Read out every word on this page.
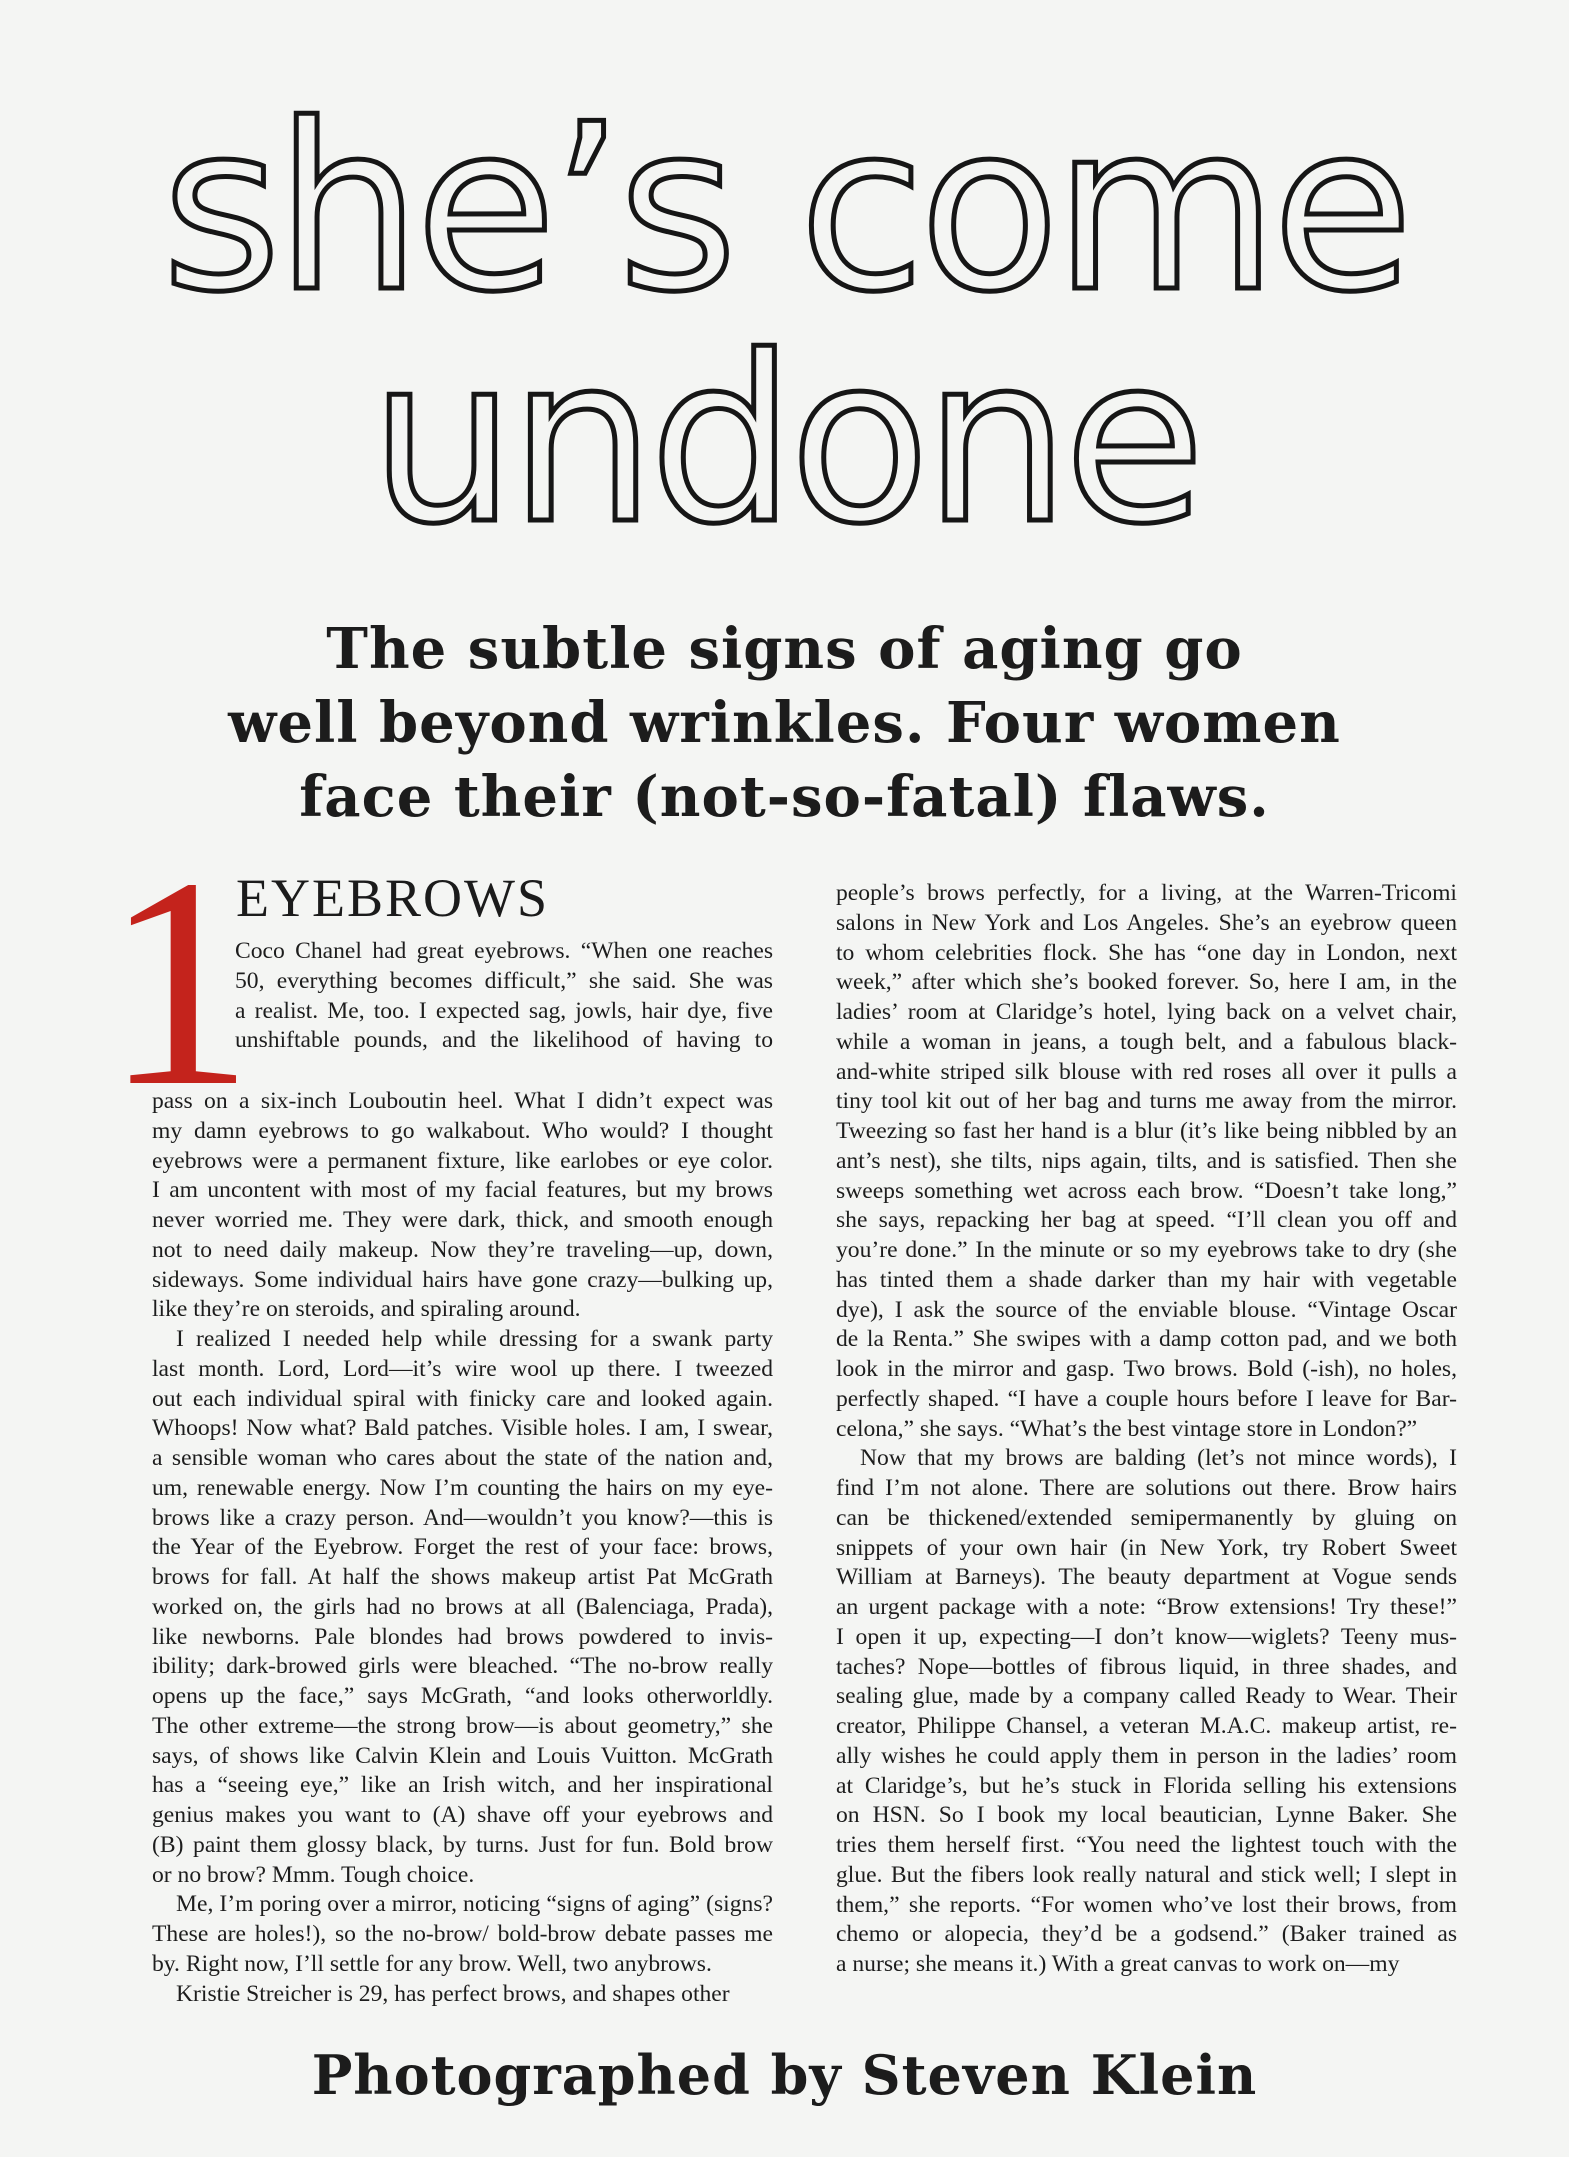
she’s come
undone
The subtle signs of aging go
well beyond wrinkles. Four women
face their (not-so-fatal) flaws.
1
EYEBROWS
Coco Chanel had great eyebrows. “When one reaches
50, everything becomes difficult,” she said. She was
a realist. Me, too. I expected sag, jowls, hair dye, five
unshiftable pounds, and the likelihood of having to
pass on a six-inch Louboutin heel. What I didn’t expect was
my damn eyebrows to go walkabout. Who would? I thought
eyebrows were a permanent fixture, like earlobes or eye color.
I am uncontent with most of my facial features, but my brows
never worried me. They were dark, thick, and smooth enough
not to need daily makeup. Now they’re traveling—up, down,
sideways. Some individual hairs have gone crazy—bulking up,
like they’re on steroids, and spiraling around.
I realized I needed help while dressing for a swank party
last month. Lord, Lord—it’s wire wool up there. I tweezed
out each individual spiral with finicky care and looked again.
Whoops! Now what? Bald patches. Visible holes. I am, I swear,
a sensible woman who cares about the state of the nation and,
um, renewable energy. Now I’m counting the hairs on my eye-
brows like a crazy person. And—wouldn’t you know?—this is
the Year of the Eyebrow. Forget the rest of your face: brows,
brows for fall. At half the shows makeup artist Pat McGrath
worked on, the girls had no brows at all (Balenciaga, Prada),
like newborns. Pale blondes had brows powdered to invis-
ibility; dark-browed girls were bleached. “The no-brow really
opens up the face,” says McGrath, “and looks otherworldly.
The other extreme—the strong brow—is about geometry,” she
says, of shows like Calvin Klein and Louis Vuitton. McGrath
has a “seeing eye,” like an Irish witch, and her inspirational
genius makes you want to (A) shave off your eyebrows and
(B) paint them glossy black, by turns. Just for fun. Bold brow
or no brow? Mmm. Tough choice.
Me, I’m poring over a mirror, noticing “signs of aging” (signs?
These are holes!), so the no-brow/ bold-brow debate passes me
by. Right now, I’ll settle for any brow. Well, two anybrows.
Kristie Streicher is 29, has perfect brows, and shapes other
people’s brows perfectly, for a living, at the Warren-Tricomi
salons in New York and Los Angeles. She’s an eyebrow queen
to whom celebrities flock. She has “one day in London, next
week,” after which she’s booked forever. So, here I am, in the
ladies’ room at Claridge’s hotel, lying back on a velvet chair,
while a woman in jeans, a tough belt, and a fabulous black-
and-white striped silk blouse with red roses all over it pulls a
tiny tool kit out of her bag and turns me away from the mirror.
Tweezing so fast her hand is a blur (it’s like being nibbled by an
ant’s nest), she tilts, nips again, tilts, and is satisfied. Then she
sweeps something wet across each brow. “Doesn’t take long,”
she says, repacking her bag at speed. “I’ll clean you off and
you’re done.” In the minute or so my eyebrows take to dry (she
has tinted them a shade darker than my hair with vegetable
dye), I ask the source of the enviable blouse. “Vintage Oscar
de la Renta.” She swipes with a damp cotton pad, and we both
look in the mirror and gasp. Two brows. Bold (-ish), no holes,
perfectly shaped. “I have a couple hours before I leave for Bar-
celona,” she says. “What’s the best vintage store in London?”
Now that my brows are balding (let’s not mince words), I
find I’m not alone. There are solutions out there. Brow hairs
can be thickened/extended semipermanently by gluing on
snippets of your own hair (in New York, try Robert Sweet
William at Barneys). The beauty department at Vogue sends
an urgent package with a note: “Brow extensions! Try these!”
I open it up, expecting—I don’t know—wiglets? Teeny mus-
taches? Nope—bottles of fibrous liquid, in three shades, and
sealing glue, made by a company called Ready to Wear. Their
creator, Philippe Chansel, a veteran M.A.C. makeup artist, re-
ally wishes he could apply them in person in the ladies’ room
at Claridge’s, but he’s stuck in Florida selling his extensions
on HSN. So I book my local beautician, Lynne Baker. She
tries them herself first. “You need the lightest touch with the
glue. But the fibers look really natural and stick well; I slept in
them,” she reports. “For women who’ve lost their brows, from
chemo or alopecia, they’d be a godsend.” (Baker trained as
a nurse; she means it.) With a great canvas to work on—my
Photographed by Steven Klein
